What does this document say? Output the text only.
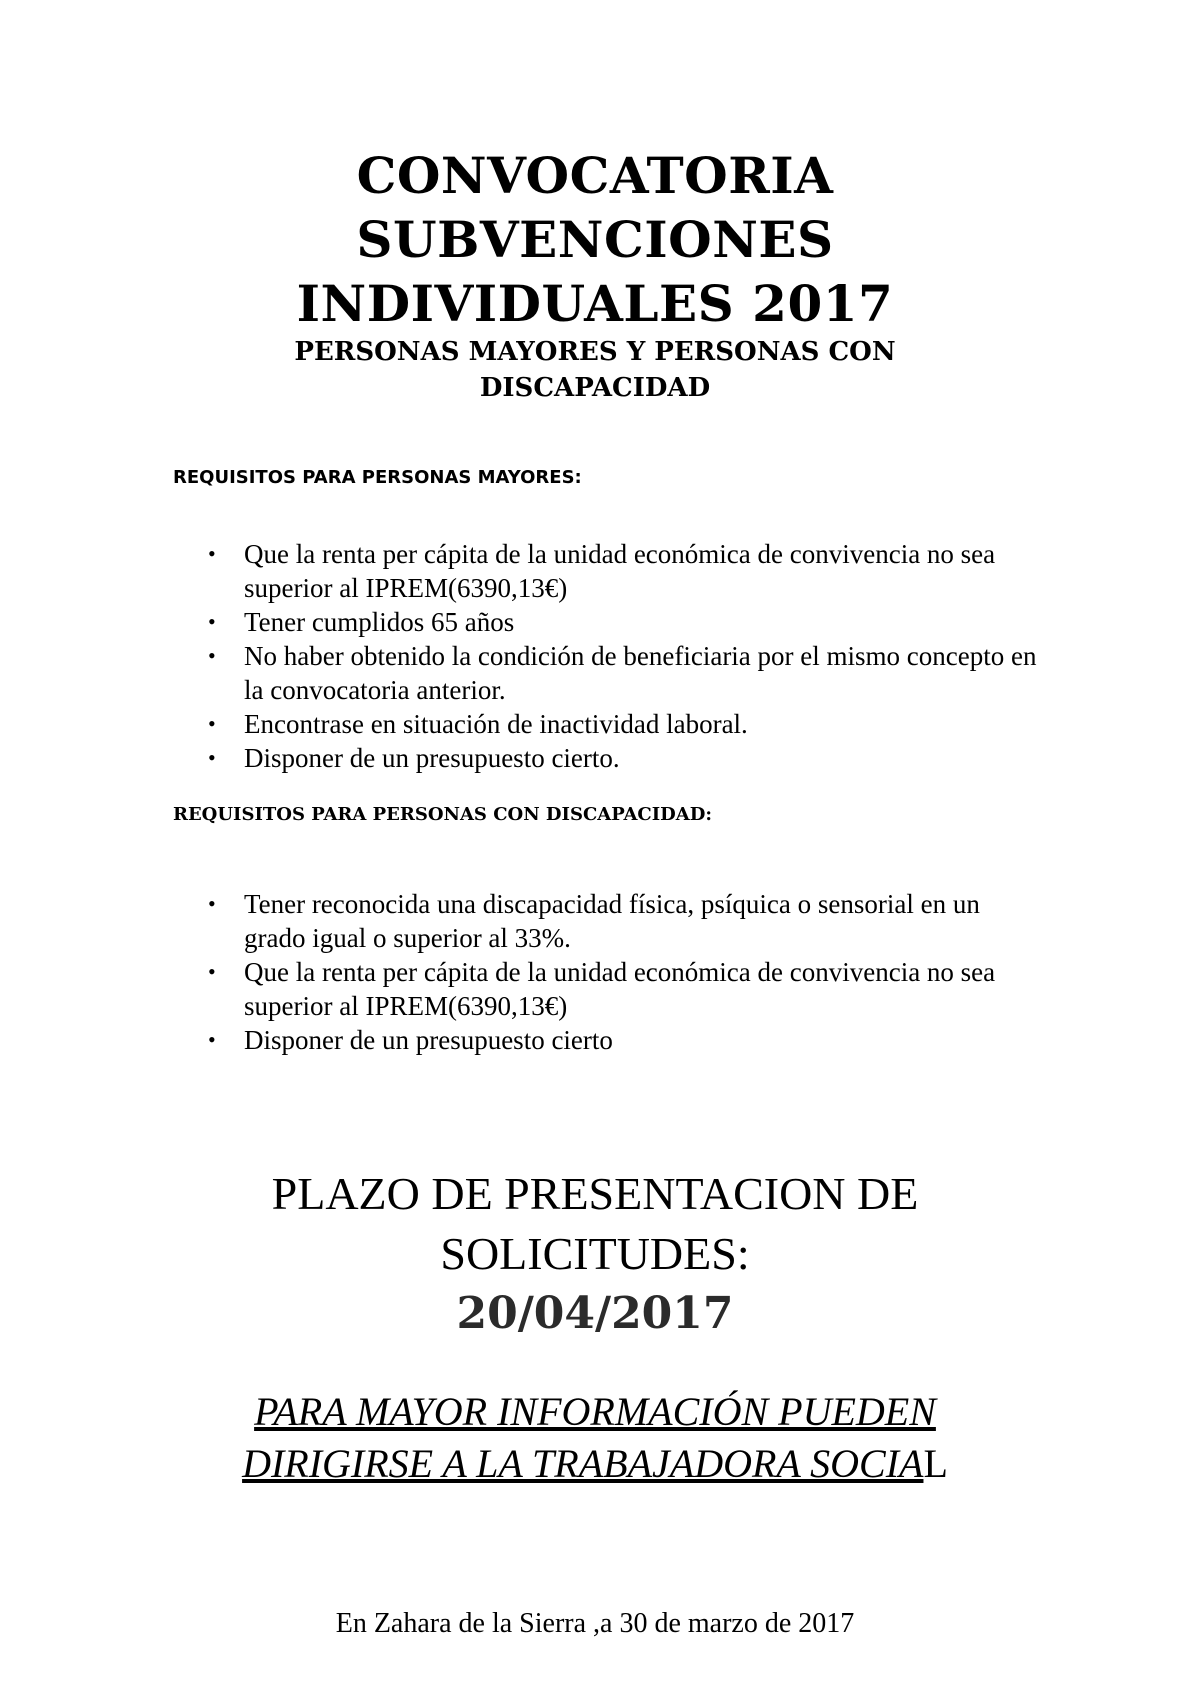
CONVOCATORIA
SUBVENCIONES
INDIVIDUALES 2017
PERSONAS MAYORES Y PERSONAS CON
DISCAPACIDAD
REQUISITOS PARA PERSONAS MAYORES:
• Que la renta per cápita de la unidad económica de convivencia no sea superior al IPREM(6390,13€)
• Tener cumplidos 65 años
• No haber obtenido la condición de beneficiaria por el mismo concepto en la convocatoria anterior.
• Encontrase en situación de inactividad laboral.
• Disponer de un presupuesto cierto.
REQUISITOS PARA PERSONAS CON DISCAPACIDAD:
• Tener reconocida una discapacidad física, psíquica o sensorial en un grado igual o superior al 33%.
• Que la renta per cápita de la unidad económica de convivencia no sea superior al IPREM(6390,13€)
• Disponer de un presupuesto cierto
PLAZO DE PRESENTACION DE
SOLICITUDES:
20/04/2017
PARA MAYOR INFORMACIÓN PUEDEN
DIRIGIRSE A LA TRABAJADORA SOCIAL
En Zahara de la Sierra ,a 30 de marzo de 2017
